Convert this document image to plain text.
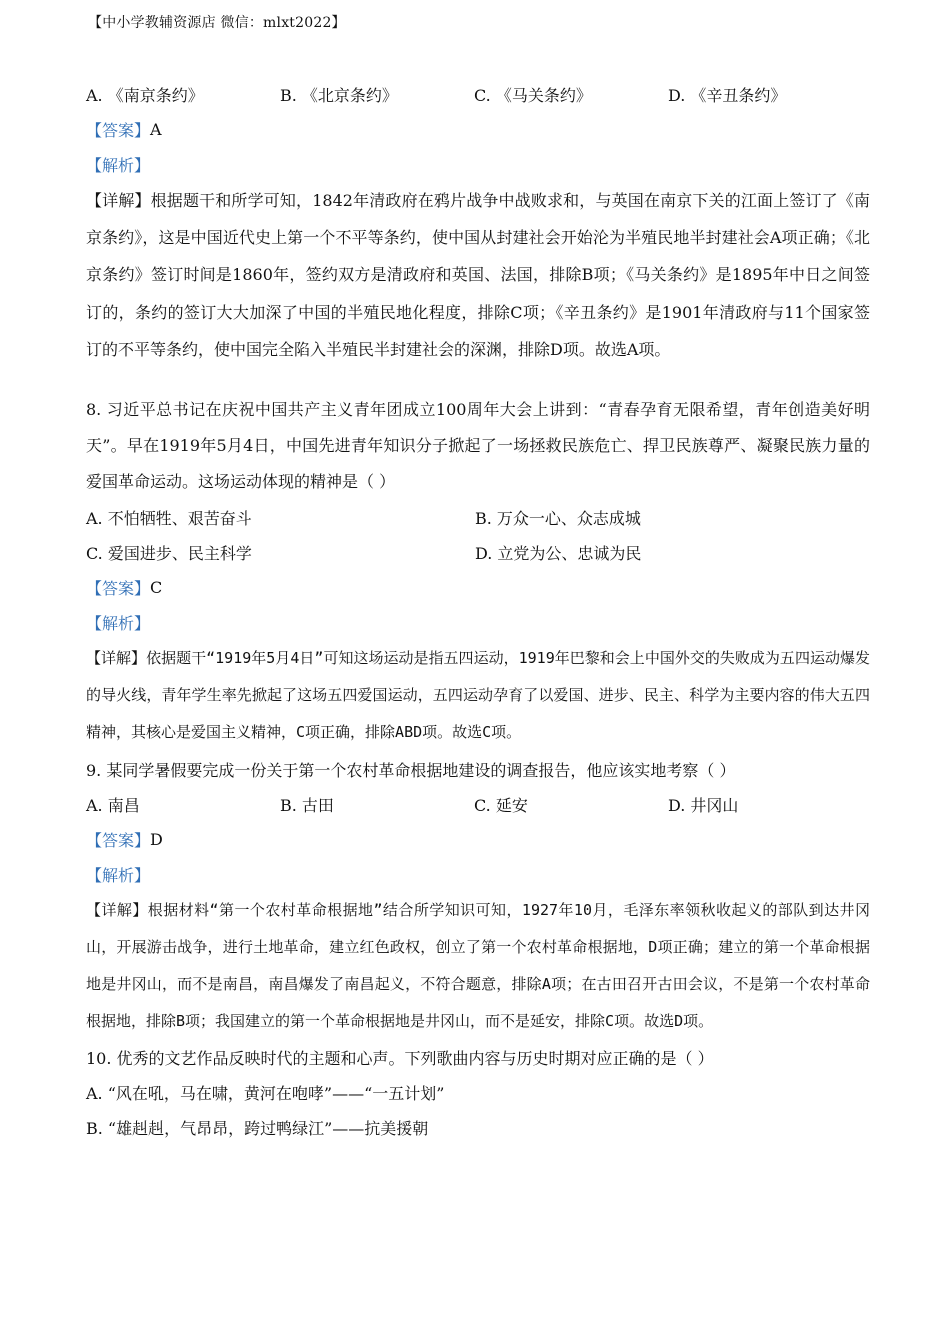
【中小学教辅资源店 微信：mlxt2022】
A. 《南京条约》	B. 《北京条约》	C. 《马关条约》	D. 《辛丑条约》
【答案】 A
【解析】
【详解】根据题干和所学可知，1842年清政府在鸦片战争中战败求和，与英国在南京下关的江面上签订了《南京条约》，这是中国近代史上第一个不平等条约，使中国从封建社会开始沦为半殖民地半封建社会A项正确；《北京条约》签订时间是1860年，签约双方是清政府和英国、法国，排除B项；《马关条约》是1895年中日之间签订的，条约的签订大大加深了中国的半殖民地化程度，排除C项；《辛丑条约》是1901年清政府与11个国家签订的不平等条约，使中国完全陷入半殖民半封建社会的深渊，排除D项。故选A项。
8. 习近平总书记在庆祝中国共产主义青年团成立100周年大会上讲到：“青春孕育无限希望，青年创造美好明天”。早在1919年5月4日，中国先进青年知识分子掀起了一场拯救民族危亡、捍卫民族尊严、凝聚民族力量的爱国革命运动。这场运动体现的精神是（ ）
A. 不怕牺牲、艰苦奋斗	B. 万众一心、众志成城
C. 爱国进步、民主科学	D. 立党为公、忠诚为民
【答案】 C
【解析】
【详解】依据题干“1919年5月4日”可知这场运动是指五四运动，1919年巴黎和会上中国外交的失败成为五四运动爆发的导火线，青年学生率先掀起了这场五四爱国运动，五四运动孕育了以爱国、进步、民主、科学为主要内容的伟大五四精神，其核心是爱国主义精神，C项正确，排除ABD项。故选C项。
9. 某同学暑假要完成一份关于第一个农村革命根据地建设的调查报告，他应该实地考察（ ）
A. 南昌	B. 古田	C. 延安	D. 井冈山
【答案】 D
【解析】
【详解】根据材料“第一个农村革命根据地”结合所学知识可知，1927年10月，毛泽东率领秋收起义的部队到达井冈山，开展游击战争，进行土地革命，建立红色政权，创立了第一个农村革命根据地，D项正确；建立的第一个革命根据地是井冈山，而不是南昌，南昌爆发了南昌起义，不符合题意，排除A项；在古田召开古田会议，不是第一个农村革命根据地，排除B项；我国建立的第一个革命根据地是井冈山，而不是延安，排除C项。故选D项。
10. 优秀的文艺作品反映时代的主题和心声。下列歌曲内容与历史时期对应正确的是（ ）
A. “风在吼，马在啸，黄河在咆哮”——“一五计划”
B. “雄赳赳，气昂昂，跨过鸭绿江”——抗美援朝
